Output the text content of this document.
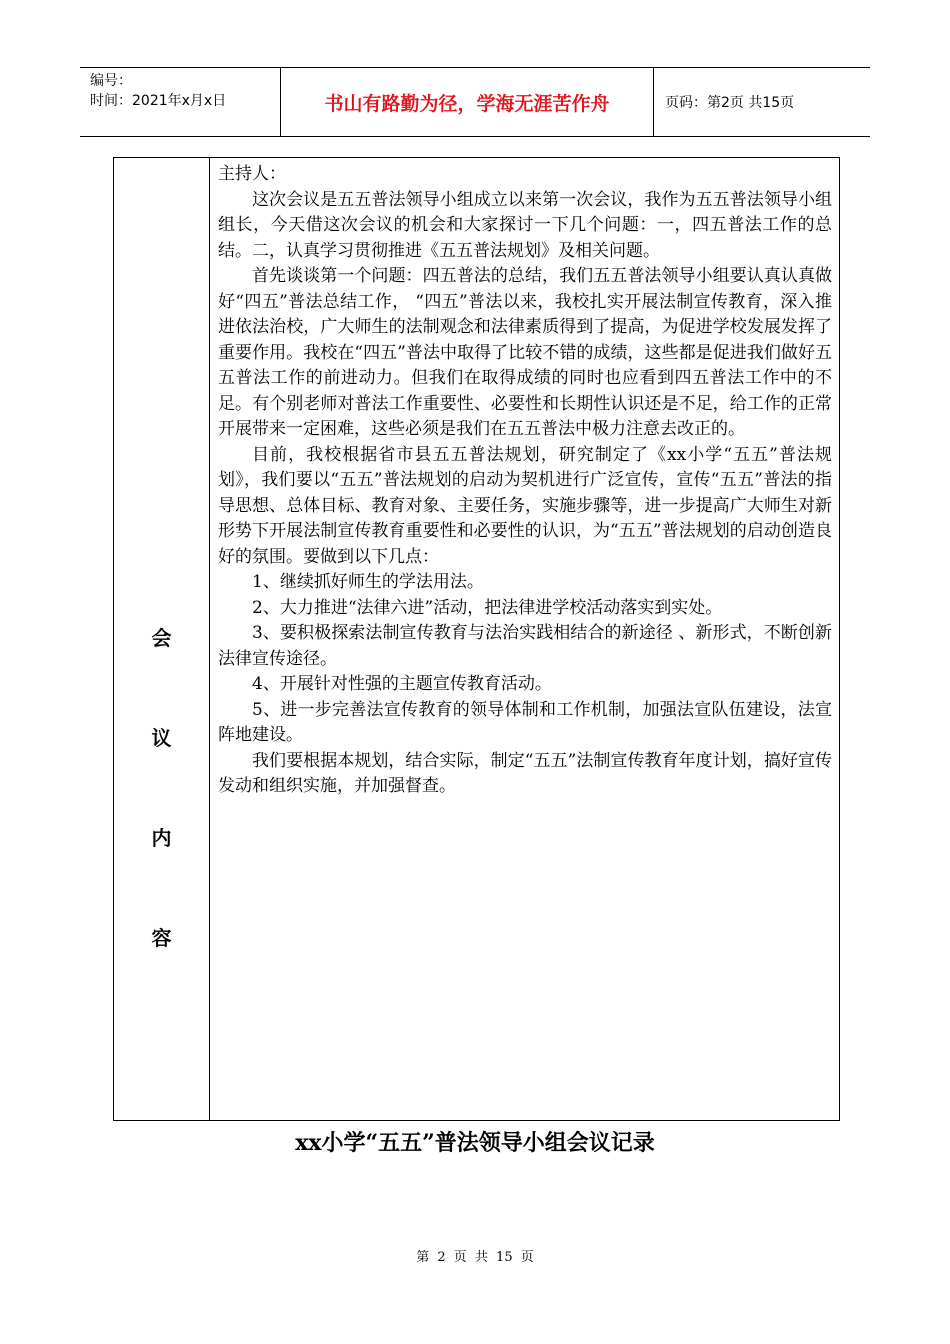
编号：
时间：2021年x月x日	书山有路勤为径，学海无涯苦作舟	页码：第2页 共15页
会
议
内
容

主持人：

这次会议是五五普法领导小组成立以来第一次会议，我作为五五普法领导小组组长，今天借这次会议的机会和大家探讨一下几个问题：一，四五普法工作的总结。二，认真学习贯彻推进《五五普法规划》及相关问题。

首先谈谈第一个问题：四五普法的总结，我们五五普法领导小组要认真认真做好“四五”普法总结工作， “四五”普法以来，我校扎实开展法制宣传教育，深入推进依法治校，广大师生的法制观念和法律素质得到了提高，为促进学校发展发挥了重要作用。我校在“四五”普法中取得了比较不错的成绩，这些都是促进我们做好五五普法工作的前进动力。但我们在取得成绩的同时也应看到四五普法工作中的不足。有个别老师对普法工作重要性、必要性和长期性认识还是不足，给工作的正常开展带来一定困难，这些必须是我们在五五普法中极力注意去改正的。

目前，我校根据省市县五五普法规划，研究制定了《xx小学“五五”普法规划》，我们要以“五五”普法规划的启动为契机进行广泛宣传，宣传“五五”普法的指导思想、总体目标、教育对象、主要任务，实施步骤等，进一步提高广大师生对新形势下开展法制宣传教育重要性和必要性的认识，为“五五”普法规划的启动创造良好的氛围。要做到以下几点：

1、继续抓好师生的学法用法。

2、大力推进“法律六进”活动，把法律进学校活动落实到实处。

3、要积极探索法制宣传教育与法治实践相结合的新途径 、新形式，不断创新法律宣传途径。

4、开展针对性强的主题宣传教育活动。

5、进一步完善法宣传教育的领导体制和工作机制，加强法宣队伍建设，法宣阵地建设。

我们要根据本规划，结合实际，制定“五五”法制宣传教育年度计划，搞好宣传发动和组织实施，并加强督查。

xx小学“五五”普法领导小组会议记录
第 2 页 共 15 页
